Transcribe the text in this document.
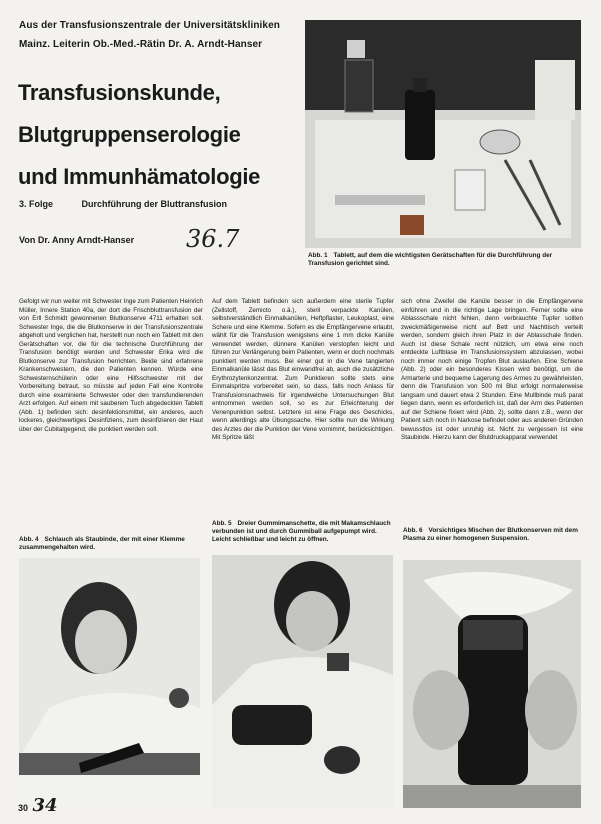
Aus der Transfusionszentrale der Universitätskliniken
Mainz. Leiterin Ob.-Med.-Rätin Dr. A. Arndt-Hanser
Transfusionskunde,
Blutgruppenserologie
und Immunhämatologie
3. Folge	Durchführung der Bluttransfusion
Von Dr. Anny Arndt-Hanser 36.7
Abb. 1 Tablett, auf dem die wichtigsten Gerätschaften für die Durchführung der Transfusion gerichtet sind.
Gefolgt wir nun weiter mit Schwester Inge zum Patienten Heinrich Müller, Innere Station 40a, der dort die Frischbluttransfusion der von Erll Schmidt gewonnenen Blutkonserve 4711 erhalten soll. Schwester Inge, die die Blutkonserve in der Transfusionszentrale abgeholt und verglichen hat, herstellt nun noch ein Tablett mit den Gerätschaften vor, die für die technische Durchführung der Transfusion benötigt werden und Schwester Erika wird die Blutkonserve zur Transfusion herrichten. Beide sind erfahrene Krankenschwestern, die den Patienten kennen. Würde eine Schwesternschülerin oder eine Hilfsschwester mit der Vorbereitung betraut, so müsste auf jeden Fall eine Kontrolle durch eine examinierte Schwester oder den transfundierenden Arzt erfolgen. Auf einem mit sauberem Tuch abgedeckten Tablett (Abb. 1) befinden sich: desinfektionsmittel, ein anderes, auch lockeres, gleichwertiges Desinfiziens, zum desinfizieren der Haut über der Cubitalgegend, die punktiert werden soll.
Auf dem Tablett befinden sich außerdem eine sterile Tupfer (Zellstoff, Zemicto o.ä.), steril verpackte Kanülen, selbstverständlich Einmalkanülen, Heftpflaster, Leukoplast, eine Schere und eine Klemme. Sofern es die Empfängervene erlaubt, wählt für die Transfusion wenigstens eine 1 mm dicke Kanüle verwendet werden, dünnere Kanülen verstopfen leicht und führen zur Verlängerung beim Patienten, wenn er doch nochmals punktiert werden muss. Bei einer gut in die Vene tangierten Einmalkanüle lässt das Blut einwandfrei ab, auch die zusätzliche Erythrozytenkonzentrat. Zum Punktieren sollte stets eine Einmalspritze vorbereitet sein, so dass, falls noch Anlass für Transfusionsnachweis für irgendwelche Untersuchungen Blut entnommen werden soll, so es zur Erleichterung der Venenpunktion selbst. Letztere ist eine Frage des Geschicks, wenn allerdings alte Übungssache. Hier sollte nun die Wirkung des Arztes der die Punktion der Vene vornimmt, berücksichtigen. Mit Spritze läßt
sich ohne Zweifel die Kanüle besser in die Empfängervene einführen und in die richtige Lage bringen. Ferner sollte eine Ablassschale nicht fehlen, denn verbrauchte Tupfer sollten zweckmäßigerweise nicht auf Bett und Nachttisch verteilt werden, sondern gleich ihren Platz in der Ablasschale finden. Auch ist diese Schale recht nützlich, um etwa eine noch entdeckte Luftblase im Transfusionssystem abzulassen, wobei noch immer noch einige Tropfen Blut auslaufen. Eine Schiene (Abb. 2) oder ein besonderes Kissen wird benötigt, um die Armarterie und bequeme Lagerung des Armes zu gewährleisten, denn die Transfusion von 500 ml Blut erfolgt normalerweise langsam und dauert etwa 2 Stunden. Eine Mullbinde muß parat liegen dann, wenn es erforderlich ist, daß der Arm des Patienten auf der Schiene fixiert wird (Abb. 2), sollte dann z.B., wenn der Patient sich noch in Narkose befindet oder aus anderen Gründen bewusstlos ist oder unruhig ist. Nicht zu vergessen ist eine Staubinde. Hierzu kann der Blutdruckapparat verwendet
Abb. 4 Schlauch als Staubinde, der mit einer Klemme zusammengehalten wird.
Abb. 5 Dreier Gummimanschette, die mit Makamschlauch verbunden ist und durch Gummiball aufgepumpt wird. Leicht schließbar und leicht zu öffnen.
Abb. 6 Vorsichtiges Mischen der Blutkonserven mit dem Plasma zu einer homogenen Suspension.
30 34
